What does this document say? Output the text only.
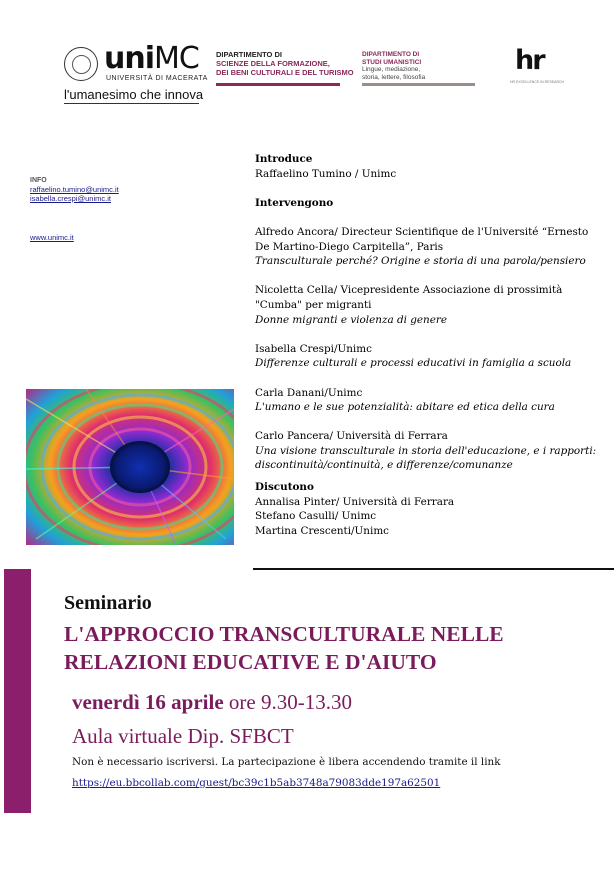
uniMC
UNIVERSITÀ DI MACERATA
l'umanesimo che innova
DIPARTIMENTO DI
SCIENZE DELLA FORMAZIONE,
DEI BENI CULTURALI E DEL TURISMO
DIPARTIMENTO DI
STUDI UMANISTICI
Lingue, mediazione,
storia, lettere, filosofia
hr
HR EXCELLENCE IN RESEARCH
INFO
raffaelino.tumino@unimc.it
isabella.crespi@unimc.it
www.unimc.it

Introduce

Raffaelino Tumino / Unimc

Intervengono

Alfredo Ancora/ Directeur Scientifique de l'Université “Ernesto

De Martino-Diego Carpitella”, Paris

Transculturale perché? Origine e storia di una parola/pensiero

Nicoletta Cella/ Vicepresidente Associazione di prossimità

"Cumba" per migranti

Donne migranti e violenza di genere

Isabella Crespi/Unimc

Differenze culturali e processi educativi in famiglia a scuola

Carla Danani/Unimc

L'umano e le sue potenzialità: abitare ed etica della cura

Carlo Pancera/ Università di Ferrara

Una visione transculturale in storia dell'educazione, e i rapporti:

discontinuità/continuità, e differenze/comunanze

Discutono

Annalisa Pinter/ Università di Ferrara

Stefano Casulli/ Unimc

Martina Crescenti/Unimc

Seminario
L'APPROCCIO TRANSCULTURALE NELLE
RELAZIONI EDUCATIVE E D'AIUTO
venerdì 16 aprile ore 9.30-13.30
Aula virtuale Dip. SFBCT
Non è necessario iscriversi. La partecipazione è libera accendendo tramite il link
https://eu.bbcollab.com/guest/bc39c1b5ab3748a79083dde197a62501
